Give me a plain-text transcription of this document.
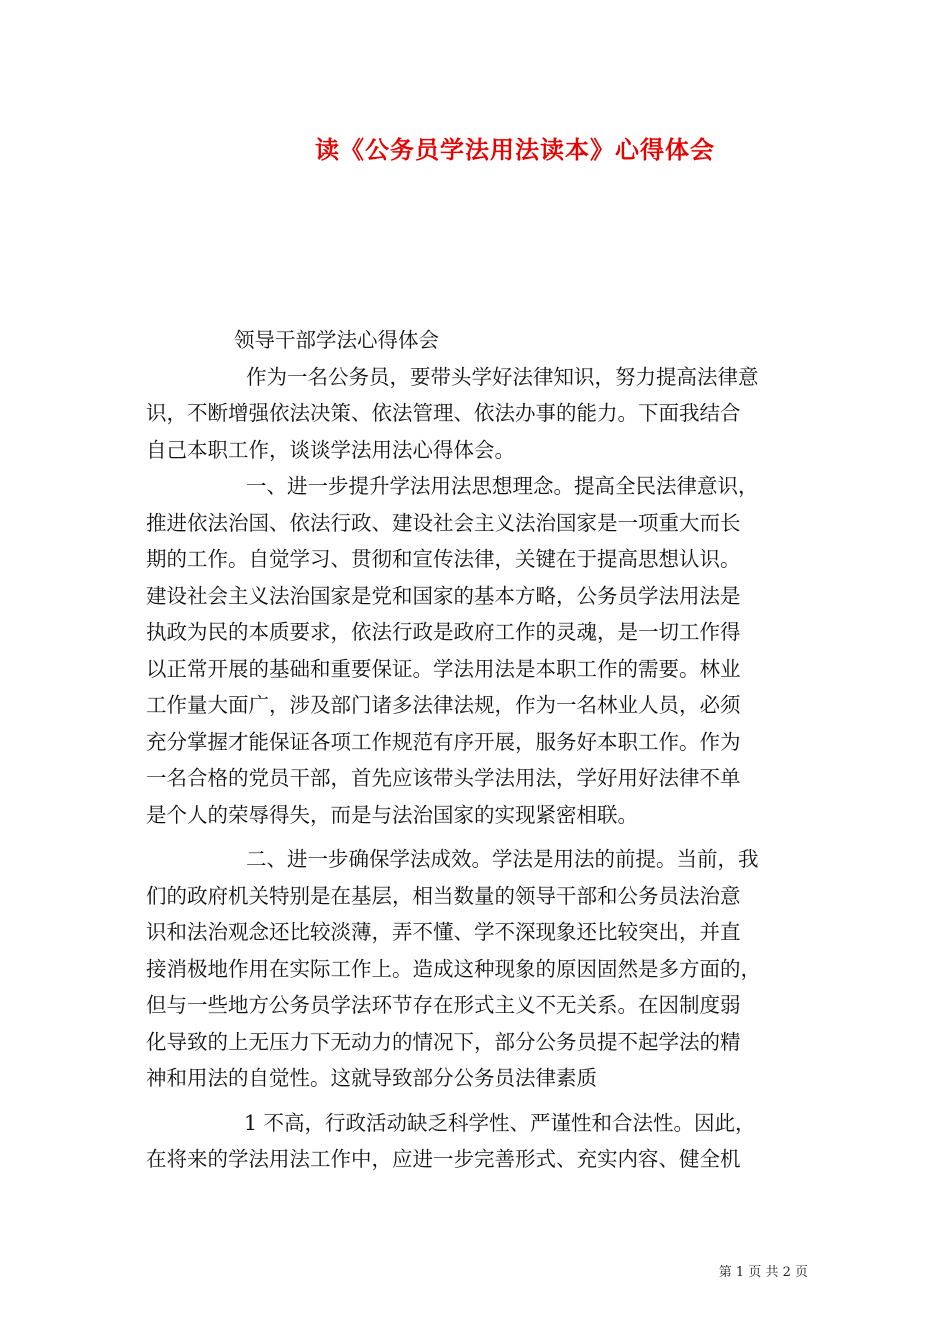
读《公务员学法用法读本》心得体会
领导干部学法心得体会
作为一名公务员，要带头学好法律知识，努力提高法律意
识，不断增强依法决策、依法管理、依法办事的能力。下面我结合
自己本职工作，谈谈学法用法心得体会。
一、进一步提升学法用法思想理念。提高全民法律意识，
推进依法治国、依法行政、建设社会主义法治国家是一项重大而长
期的工作。自觉学习、贯彻和宣传法律，关键在于提高思想认识。
建设社会主义法治国家是党和国家的基本方略，公务员学法用法是
执政为民的本质要求，依法行政是政府工作的灵魂，是一切工作得
以正常开展的基础和重要保证。学法用法是本职工作的需要。林业
工作量大面广，涉及部门诸多法律法规，作为一名林业人员，必须
充分掌握才能保证各项工作规范有序开展，服务好本职工作。作为
一名合格的党员干部，首先应该带头学法用法，学好用好法律不单
是个人的荣辱得失，而是与法治国家的实现紧密相联。
二、进一步确保学法成效。学法是用法的前提。当前，我
们的政府机关特别是在基层，相当数量的领导干部和公务员法治意
识和法治观念还比较淡薄，弄不懂、学不深现象还比较突出，并直
接消极地作用在实际工作上。造成这种现象的原因固然是多方面的，
但与一些地方公务员学法环节存在形式主义不无关系。在因制度弱
化导致的上无压力下无动力的情况下，部分公务员提不起学法的精
神和用法的自觉性。这就导致部分公务员法律素质
1 不高，行政活动缺乏科学性、严谨性和合法性。因此，
在将来的学法用法工作中，应进一步完善形式、充实内容、健全机
第 1 页 共 2 页
